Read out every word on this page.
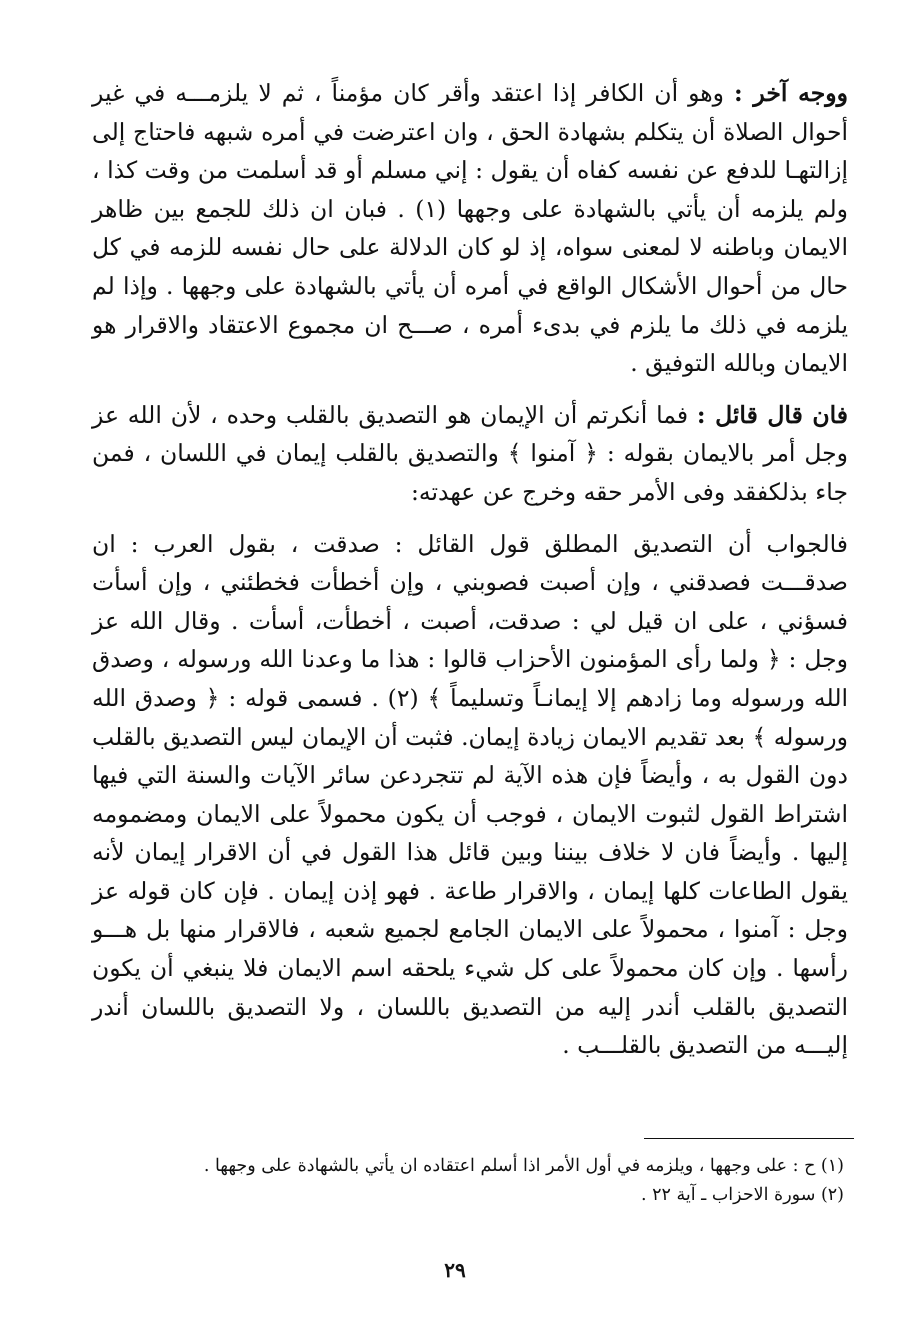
ووجه آخر : وهو أن الكافر إذا اعتقد وأقر كان مؤمناً ، ثم لا يلزمـــه في غير أحوال الصلاة أن يتكلم بشهادة الحق ، وان اعترضت في أمره شبهه فاحتاج إلى إزالتهـا للدفع عن نفسه كفاه أن يقول : إني مسلم أو قد أسلمت من وقت كذا ، ولم يلزمه أن يأتي بالشهادة على وجهها (١) . فبان ان ذلك للجمع بين ظاهر الايمان وباطنه لا لمعنى سواه، إذ لو كان الدلالة على حال نفسه للزمه في كل حال من أحوال الأشكال الواقع في أمره أن يأتي بالشهادة على وجهها . وإذا لم يلزمه في ذلك ما يلزم في بدىء أمره ، صـــح ان مجموع الاعتقاد والاقرار هو الايمان وبالله التوفيق .

فان قال قائل : فما أنكرتم أن الإيمان هو التصديق بالقلب وحده ، لأن الله عز وجل أمر بالايمان بقوله : ﴿ آمنوا ﴾ والتصديق بالقلب إيمان في اللسان ، فمن جاء بذلكفقد وفى الأمر حقه وخرج عن عهدته:

فالجواب أن التصديق المطلق قول القائل : صدقت ، بقول العرب : ان صدقـــت فصدقني ، وإن أصبت فصوبني ، وإن أخطأت فخطئني ، وإن أسأت فسؤني ، على ان قيل لي : صدقت، أصبت ، أخطأت، أسأت . وقال الله عز وجل : ﴿ ولما رأى المؤمنون الأحزاب قالوا : هذا ما وعدنا الله ورسوله ، وصدق الله ورسوله وما زادهم إلا إيمانـاً وتسليماً ﴾ (٢) . فسمى قوله : ﴿ وصدق الله ورسوله ﴾ بعد تقديم الايمان زيادة إيمان. فثبت أن الإيمان ليس التصديق بالقلب دون القول به ، وأيضاً فإن هذه الآية لم تتجردعن سائر الآيات والسنة التي فيها اشتراط القول لثبوت الايمان ، فوجب أن يكون محمولاً على الايمان ومضمومه إليها . وأيضاً فان لا خلاف بيننا وبين قائل هذا القول في أن الاقرار إيمان لأنه يقول الطاعات كلها إيمان ، والاقرار طاعة . فهو إذن إيمان . فإن كان قوله عز وجل : آمنوا ، محمولاً على الايمان الجامع لجميع شعبه ، فالاقرار منها بل هـــو رأسها . وإن كان محمولاً على كل شيء يلحقه اسم الايمان فلا ينبغي أن يكون التصديق بالقلب أندر إليه من التصديق باللسان ، ولا التصديق باللسان أندر إليـــه من التصديق بالقلـــب .

(١) ح : على وجهها ، ويلزمه في أول الأمر اذا أسلم اعتقاده ان يأتي بالشهادة على وجهها .

(٢) سورة الاحزاب ـ آية ٢٢ .

٢٩
